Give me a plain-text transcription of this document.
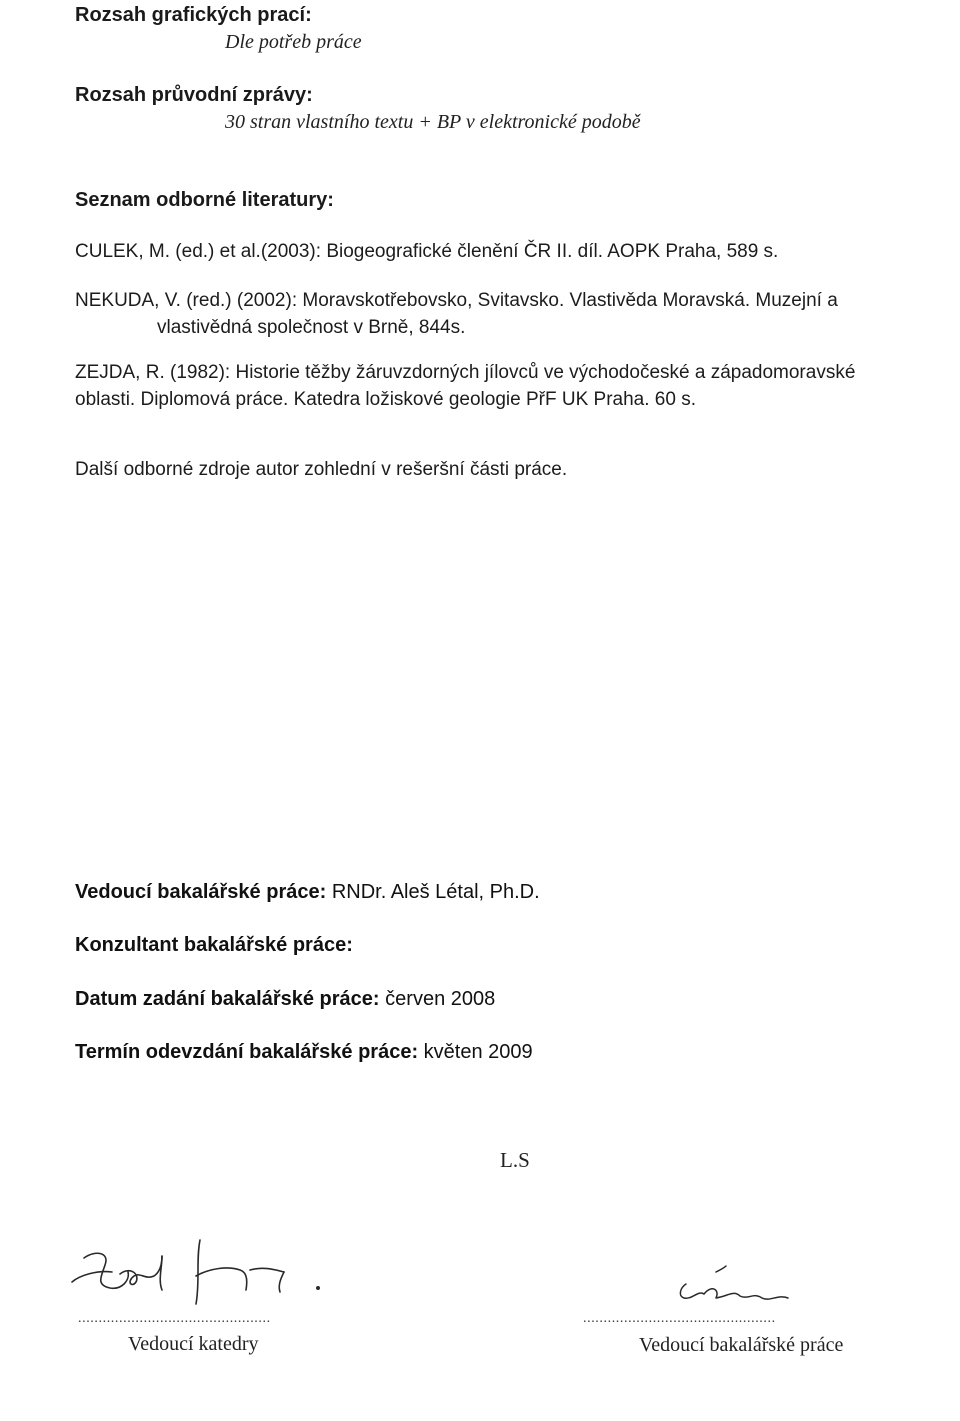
Rozsah grafických prací:
Dle potřeb práce
Rozsah průvodní zprávy:
30 stran vlastního textu + BP v elektronické podobě
Seznam odborné literatury:
CULEK, M. (ed.) et al.(2003): Biogeografické členění ČR II. díl. AOPK Praha, 589 s.
NEKUDA, V. (red.) (2002): Moravskotřebovsko, Svitavsko. Vlastivěda Moravská. Muzejní a
vlastivědná společnost v Brně, 844s.
ZEJDA, R. (1982): Historie těžby žáruvzdorných jílovců ve východočeské a západomoravské
oblasti. Diplomová práce. Katedra ložiskové geologie PřF UK Praha. 60 s.
Další odborné zdroje autor zohlední v rešeršní části práce.
Vedoucí bakalářské práce: RNDr. Aleš Létal, Ph.D.
Konzultant bakalářské práce:
Datum zadání bakalářské práce: červen 2008
Termín odevzdání bakalářské práce: květen 2009
L.S
...............................................	...............................................
Vedoucí katedry	Vedoucí bakalářské práce
